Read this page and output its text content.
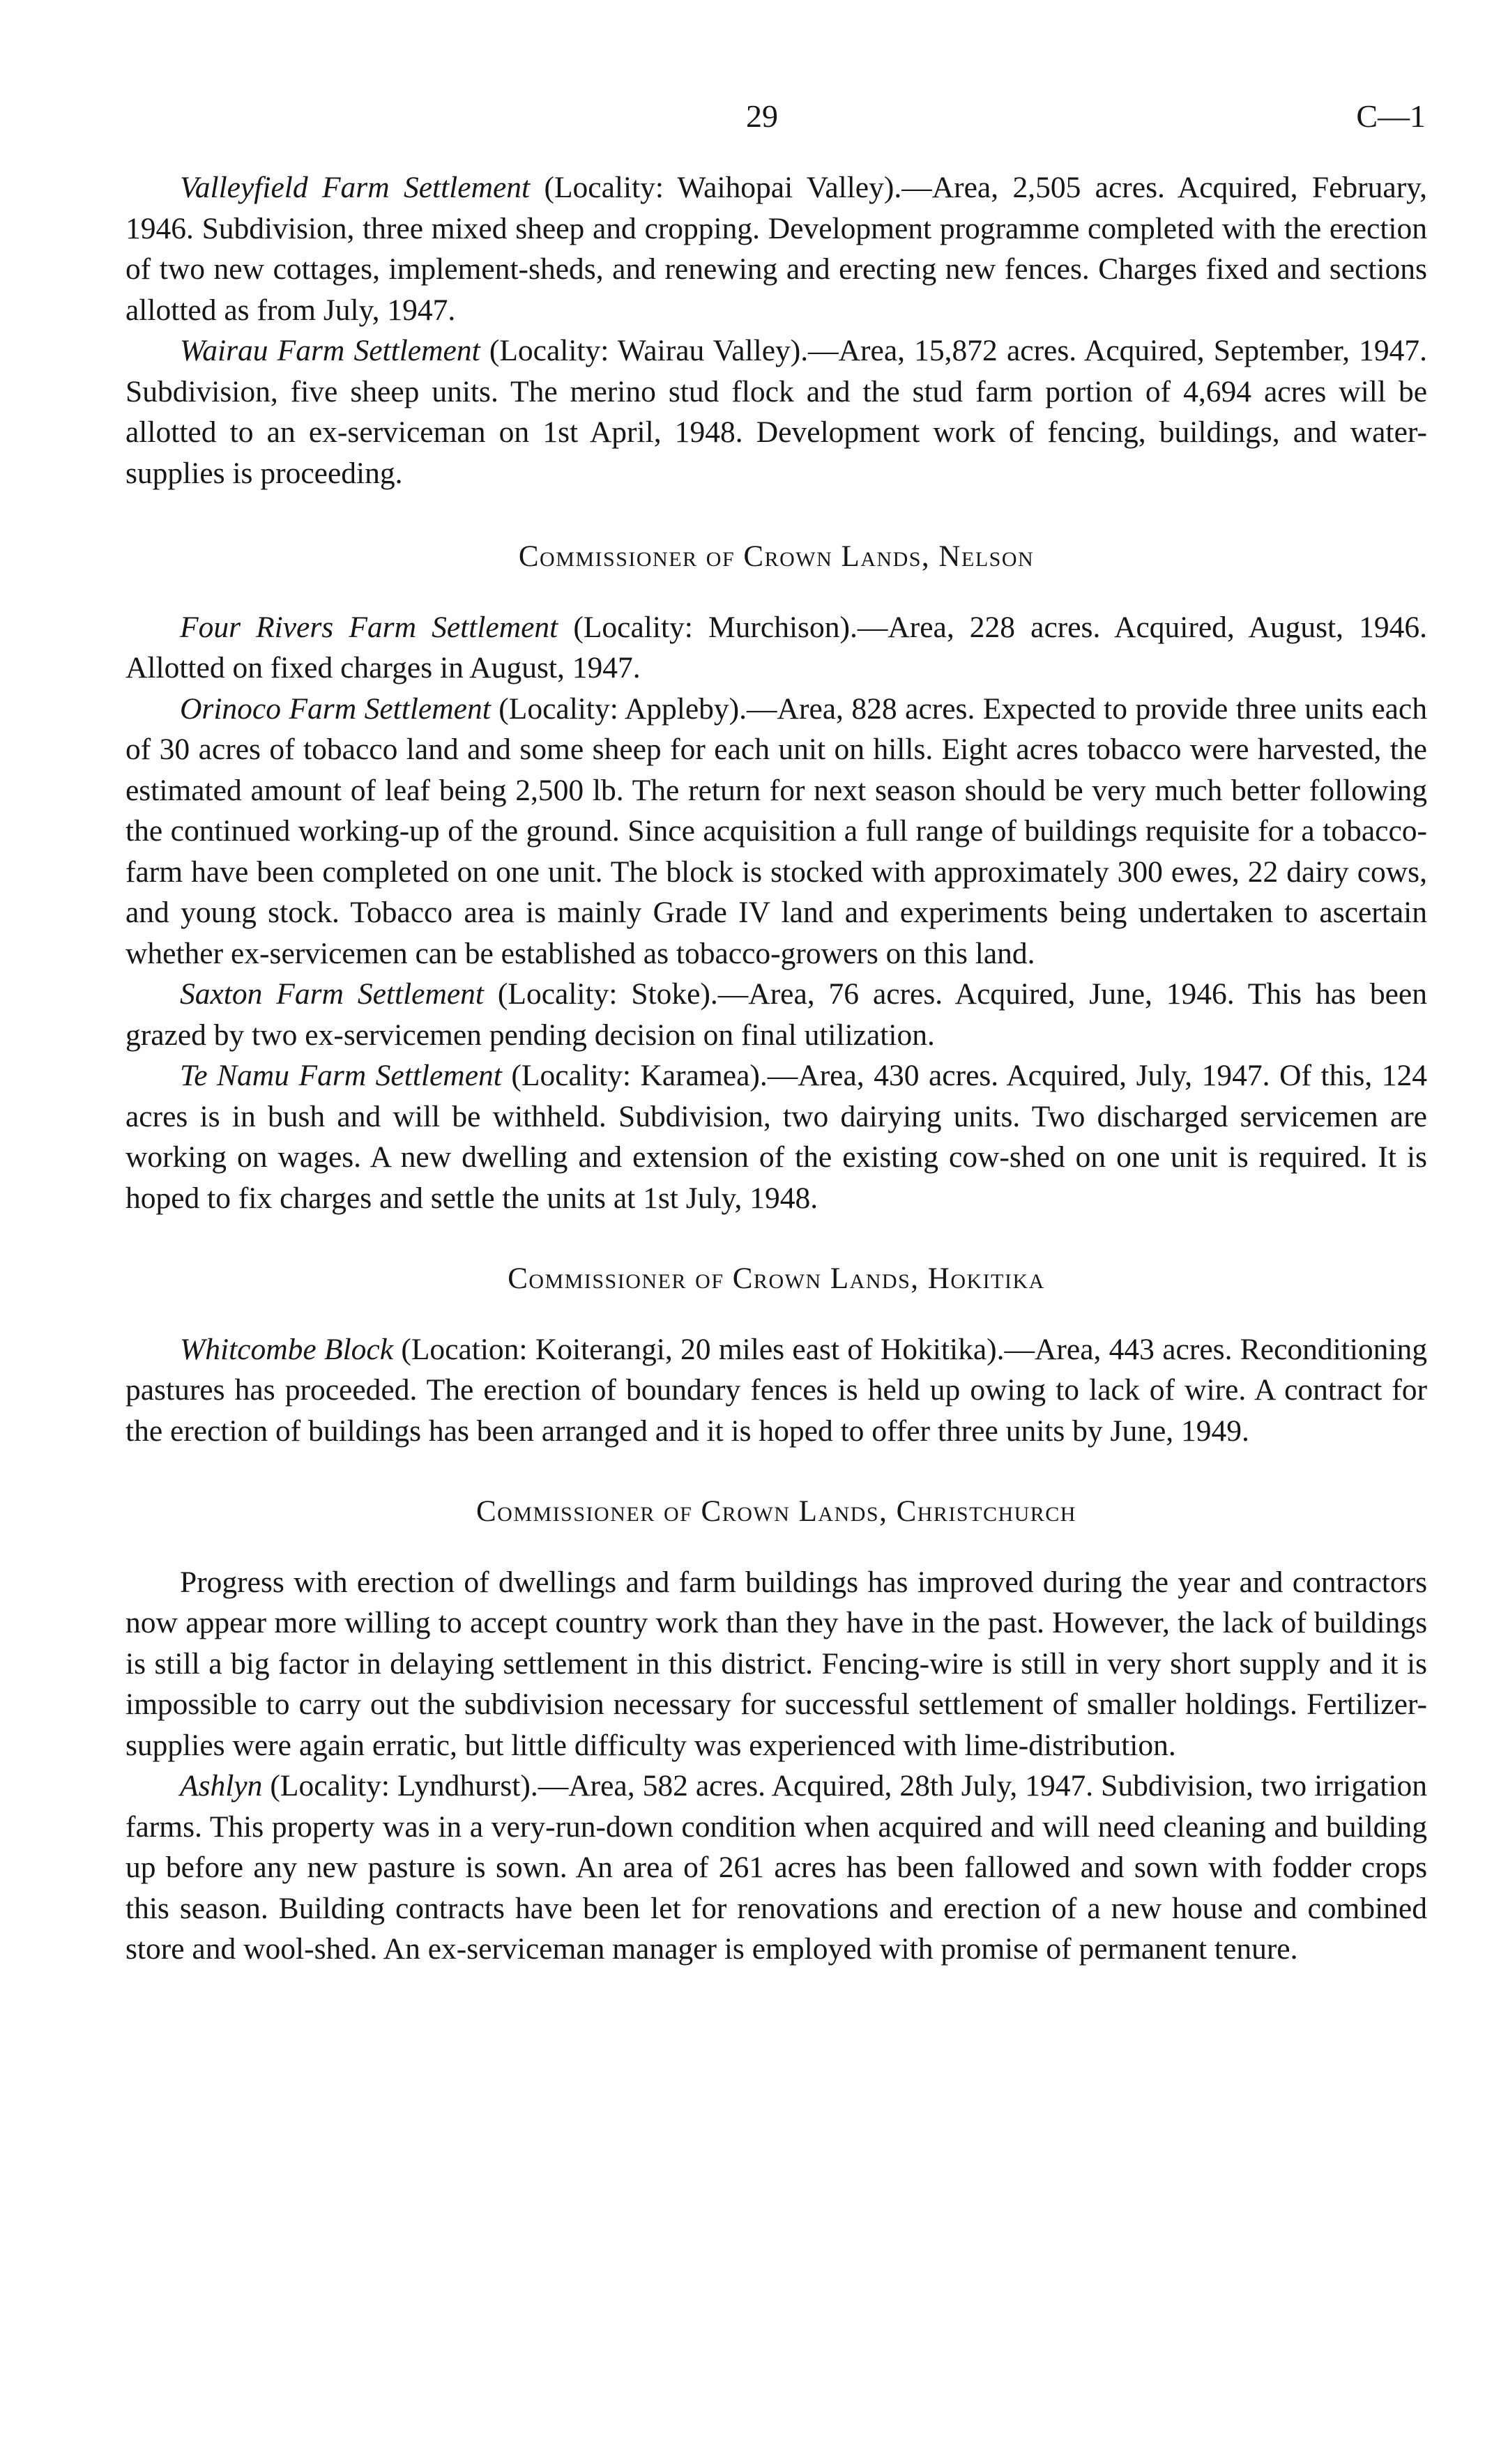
29	C—1

Valleyfield Farm Settlement (Locality: Waihopai Valley).—Area, 2,505 acres. Acquired, February, 1946. Subdivision, three mixed sheep and cropping. Development programme completed with the erection of two new cottages, implement-sheds, and renewing and erecting new fences. Charges fixed and sections allotted as from July, 1947.

Wairau Farm Settlement (Locality: Wairau Valley).—Area, 15,872 acres. Acquired, September, 1947. Subdivision, five sheep units. The merino stud flock and the stud farm portion of 4,694 acres will be allotted to an ex-serviceman on 1st April, 1948. Development work of fencing, buildings, and water-supplies is proceeding.

Commissioner of Crown Lands, Nelson

Four Rivers Farm Settlement (Locality: Murchison).—Area, 228 acres. Acquired, August, 1946. Allotted on fixed charges in August, 1947.

Orinoco Farm Settlement (Locality: Appleby).—Area, 828 acres. Expected to provide three units each of 30 acres of tobacco land and some sheep for each unit on hills. Eight acres tobacco were harvested, the estimated amount of leaf being 2,500 lb. The return for next season should be very much better following the continued working-up of the ground. Since acquisition a full range of buildings requisite for a tobacco-farm have been completed on one unit. The block is stocked with approximately 300 ewes, 22 dairy cows, and young stock. Tobacco area is mainly Grade IV land and experiments being undertaken to ascertain whether ex-servicemen can be established as tobacco-growers on this land.

Saxton Farm Settlement (Locality: Stoke).—Area, 76 acres. Acquired, June, 1946. This has been grazed by two ex-servicemen pending decision on final utilization.

Te Namu Farm Settlement (Locality: Karamea).—Area, 430 acres. Acquired, July, 1947. Of this, 124 acres is in bush and will be withheld. Subdivision, two dairying units. Two discharged servicemen are working on wages. A new dwelling and extension of the existing cow-shed on one unit is required. It is hoped to fix charges and settle the units at 1st July, 1948.

Commissioner of Crown Lands, Hokitika

Whitcombe Block (Location: Koiterangi, 20 miles east of Hokitika).—Area, 443 acres. Reconditioning pastures has proceeded. The erection of boundary fences is held up owing to lack of wire. A contract for the erection of buildings has been arranged and it is hoped to offer three units by June, 1949.

Commissioner of Crown Lands, Christchurch

Progress with erection of dwellings and farm buildings has improved during the year and contractors now appear more willing to accept country work than they have in the past. However, the lack of buildings is still a big factor in delaying settlement in this district. Fencing-wire is still in very short supply and it is impossible to carry out the subdivision necessary for successful settlement of smaller holdings. Fertilizer-supplies were again erratic, but little difficulty was experienced with lime-distribution.

Ashlyn (Locality: Lyndhurst).—Area, 582 acres. Acquired, 28th July, 1947. Subdivision, two irrigation farms. This property was in a very-run-down condition when acquired and will need cleaning and building up before any new pasture is sown. An area of 261 acres has been fallowed and sown with fodder crops this season. Building contracts have been let for renovations and erection of a new house and combined store and wool-shed. An ex-serviceman manager is employed with promise of permanent tenure.
